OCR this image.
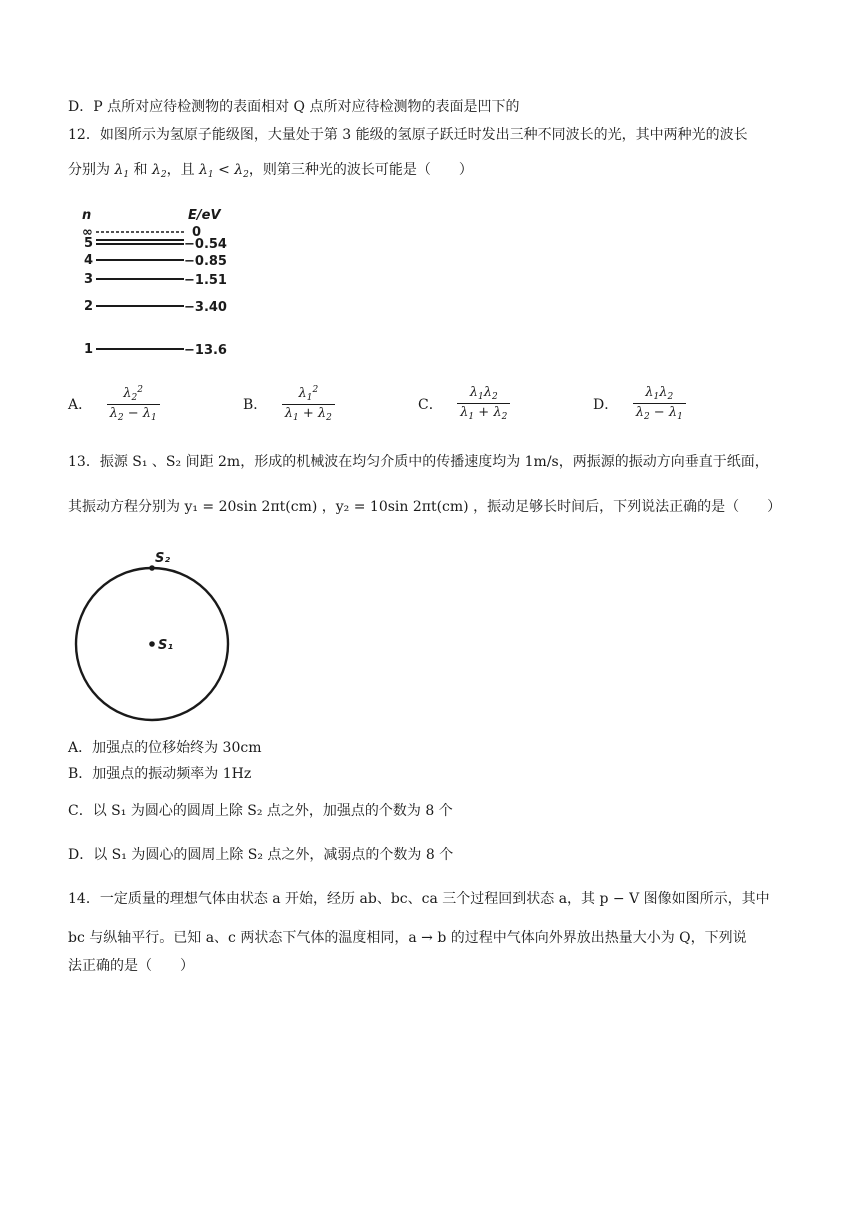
D．P 点所对应待检测物的表面相对 Q 点所对应待检测物的表面是凹下的
12．如图所示为氢原子能级图，大量处于第 3 能级的氢原子跃迁时发出三种不同波长的光，其中两种光的波长
分别为 $\lambda_1$ 和 $\lambda_2$，且 $\lambda_1 < \lambda_2$，则第三种光的波长可能是（　　）
n	E/eV
∞	0
5	−0.54
4	−0.85
3	−1.51
2	−3.40
1	−13.6
A． $\frac{\lambda_2^2}{\lambda_2 - \lambda_1}$	B． $\frac{\lambda_1^2}{\lambda_1 + \lambda_2}$	C． $\frac{\lambda_1\lambda_2}{\lambda_1 + \lambda_2}$	D． $\frac{\lambda_1\lambda_2}{\lambda_2 - \lambda_1}$
13．振源 S₁ 、S₂ 间距 2m，形成的机械波在均匀介质中的传播速度均为 1m/s，两振源的振动方向垂直于纸面，
其振动方程分别为 y₁ = 20sin 2πt(cm) ，y₂ = 10sin 2πt(cm) ，振动足够长时间后，下列说法正确的是（　　）
S₂
S₁
A．加强点的位移始终为 30cm
B．加强点的振动频率为 1Hz
C．以 S₁ 为圆心的圆周上除 S₂ 点之外，加强点的个数为 8 个
D．以 S₁ 为圆心的圆周上除 S₂ 点之外，减弱点的个数为 8 个
14．一定质量的理想气体由状态 a 开始，经历 ab、bc、ca 三个过程回到状态 a，其 p − V 图像如图所示，其中
bc 与纵轴平行。已知 a、c 两状态下气体的温度相同，a → b 的过程中气体向外界放出热量大小为 Q，下列说
法正确的是（　　）
